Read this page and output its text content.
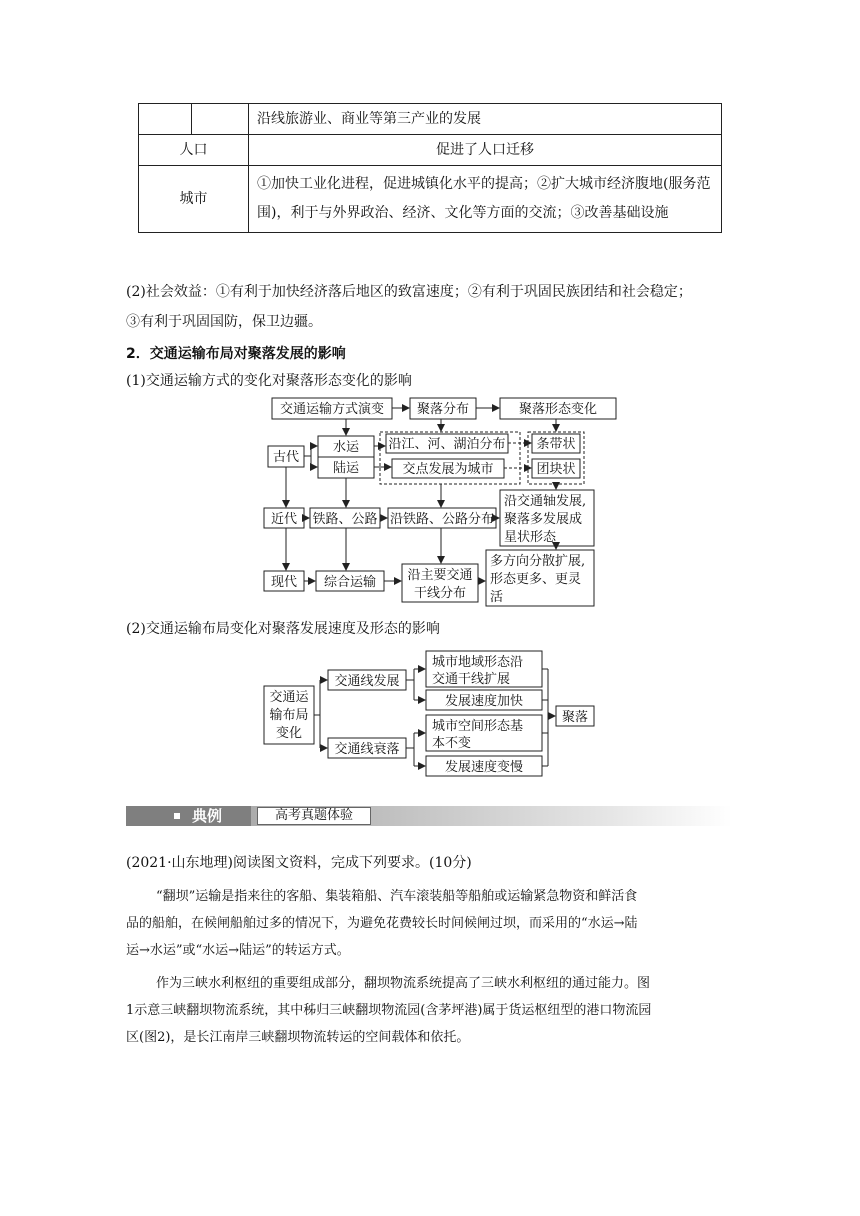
		沿线旅游业、商业等第三产业的发展
人口		促进了人口迁移
城市		①加快工业化进程，促进城镇化水平的提高；②扩大城市经济腹地(服务范围)，利于与外界政治、经济、文化等方面的交流；③改善基础设施
(2)社会效益：①有利于加快经济落后地区的致富速度；②有利于巩固民族团结和社会稳定；
③有利于巩固国防，保卫边疆。
2．交通运输布局对聚落发展的影响
(1)交通运输方式的变化对聚落形态变化的影响
交通运输方式演变	聚落分布	聚落形态变化
古代
水运
陆运
沿江、河、湖泊分布
交点发展为城市
条带状
团块状
近代 铁路、公路 沿铁路、公路分布
沿交通轴发展,
聚落多发展成
星状形态
现代 综合运输 沿主要交通
干线分布
多方向分散扩展,
形态更多、更灵
活
交通运
输布局
变化
交通线发展
交通线衰落
城市地域形态沿
交通干线扩展
发展速度加快
城市空间形态基
本不变
发展速度变慢
聚落
(2)交通运输布局变化对聚落发展速度及形态的影响
典例	高考真题体验
(2021·山东地理)阅读图文资料，完成下列要求。(10分)
“翻坝”运输是指来往的客船、集装箱船、汽车滚装船等船舶或运输紧急物资和鲜活食
品的船舶，在候闸船舶过多的情况下，为避免花费较长时间候闸过坝，而采用的“水运→陆
运→水运”或“水运→陆运”的转运方式。
作为三峡水利枢纽的重要组成部分，翻坝物流系统提高了三峡水利枢纽的通过能力。图
1示意三峡翻坝物流系统，其中秭归三峡翻坝物流园(含茅坪港)属于货运枢纽型的港口物流园
区(图2)，是长江南岸三峡翻坝物流转运的空间载体和依托。
